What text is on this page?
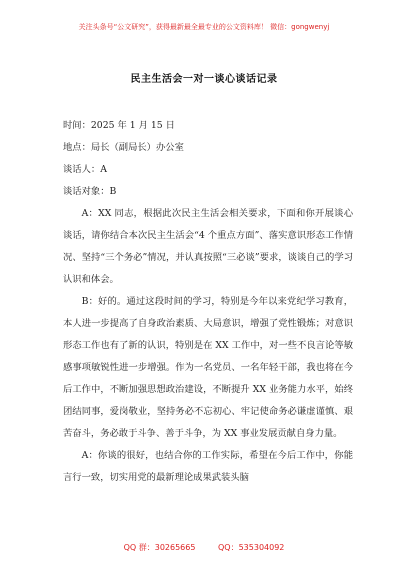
关注头条号“公文研究”，获得最新最全最专业的公文资料库！ 微信：gongwenyj
民主生活会一对一谈心谈话记录

时间：2025 年 1 月 15 日

地点：局长（副局长）办公室

谈话人：A

谈话对象：B

A：XX 同志，根据此次民主生活会相关要求，下面和你开展谈心谈话，请你结合本次民主生活会“4 个重点方面”、落实意识形态工作情况、坚持“三个务必”情况，并认真按照“三必谈”要求，谈谈自己的学习认识和体会。

B：好的。通过这段时间的学习，特别是今年以来党纪学习教育，本人进一步提高了自身政治素质、大局意识，增强了党性锻炼；对意识形态工作也有了新的认识，特别是在 XX 工作中，对一些不良言论等敏感事项敏锐性进一步增强。作为一名党员、一名年轻干部，我也将在今后工作中，不断加强思想政治建设，不断提升 XX 业务能力水平，始终团结同事，爱岗敬业，坚持务必不忘初心、牢记使命务必谦虚谨慎、艰苦奋斗，务必敢于斗争、善于斗争，为 XX 事业发展贡献自身力量。

A：你谈的很好，也结合你的工作实际，希望在今后工作中，你能言行一致，切实用党的最新理论成果武装头脑

QQ 群：30265665	QQ：535304092
